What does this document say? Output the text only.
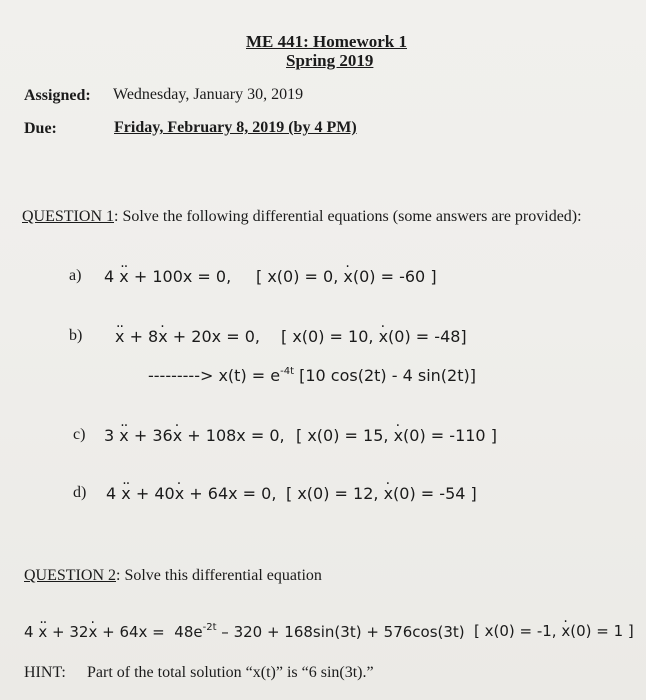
ME 441: Homework 1
Spring 2019
Assigned: Wednesday, January 30, 2019
Due:	Friday, February 8, 2019 (by 4 PM)
QUESTION 1: Solve the following differential equations (some answers are provided):
a) 4 .. x + 100x = 0, [ x(0) = 0, . x(0) = -60 ]
b) .. x + 8. x + 20x = 0, [ x(0) = 10, . x(0) = -48]
---------> $x(t) = e^{-4t}$ [10 cos(2t) - 4 sin(2t)]
c) 3 .. x + 36. x + 108x = 0, [ x(0) = 15, . x(0) = -110 ]
d) 4 .. x + 40. x + 64x = 0, [ x(0) = 12, . x(0) = -54 ]
QUESTION 2: Solve this differential equation
4 .. x + 32. $x + 64x = 48e^{-2t} - 320 + 168\sin(3t) + 576\cos(3t)$ [ x(0) = -1, . x(0) = 1 ]
HINT: Part of the total solution “x(t)” is “6 sin(3t).”
